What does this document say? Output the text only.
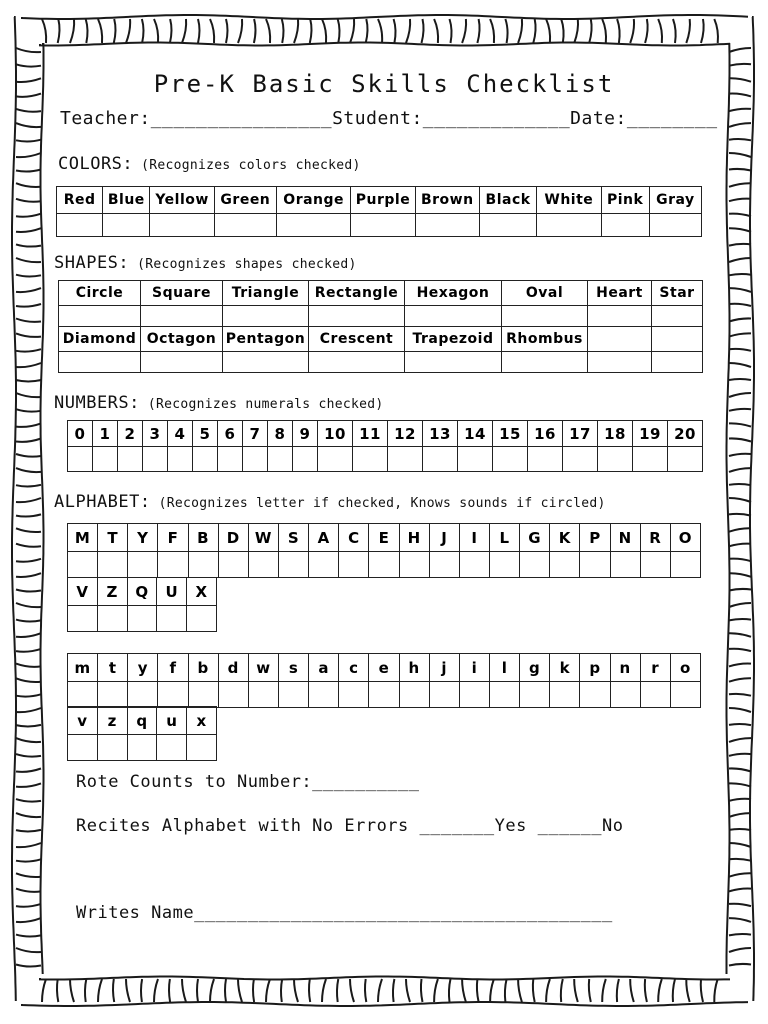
Pre-K Basic Skills Checklist
Teacher:________________ Student:_____________ Date:________
COLORS: (Recognizes colors checked)
Red	Blue	Yellow	Green	Orange	Purple	Brown	Black	White	Pink	Gray

SHAPES: (Recognizes shapes checked)
Circle	Square	Triangle	Rectangle	Hexagon	Oval	Heart	Star

Diamond	Octagon	Pentagon	Crescent	Trapezoid	Rhombus		

NUMBERS: (Recognizes numerals checked)
0	1	2	3	4	5	6	7	8	9	10	11	12	13	14	15	16	17	18	19	20

ALPHABET: (Recognizes letter if checked, Knows sounds if circled)
M	T	Y	F	B	D	W	S	A	C	E	H	J	I	L	G	K	P	N	R	O

V	Z	Q	U	X

m	t	y	f	b	d	w	s	a	c	e	h	j	i	l	g	k	p	n	r	o

v	z	q	u	x

Rote Counts to Number:__________
Recites Alphabet with No Errors _______Yes ______No
Writes Name_______________________________________
